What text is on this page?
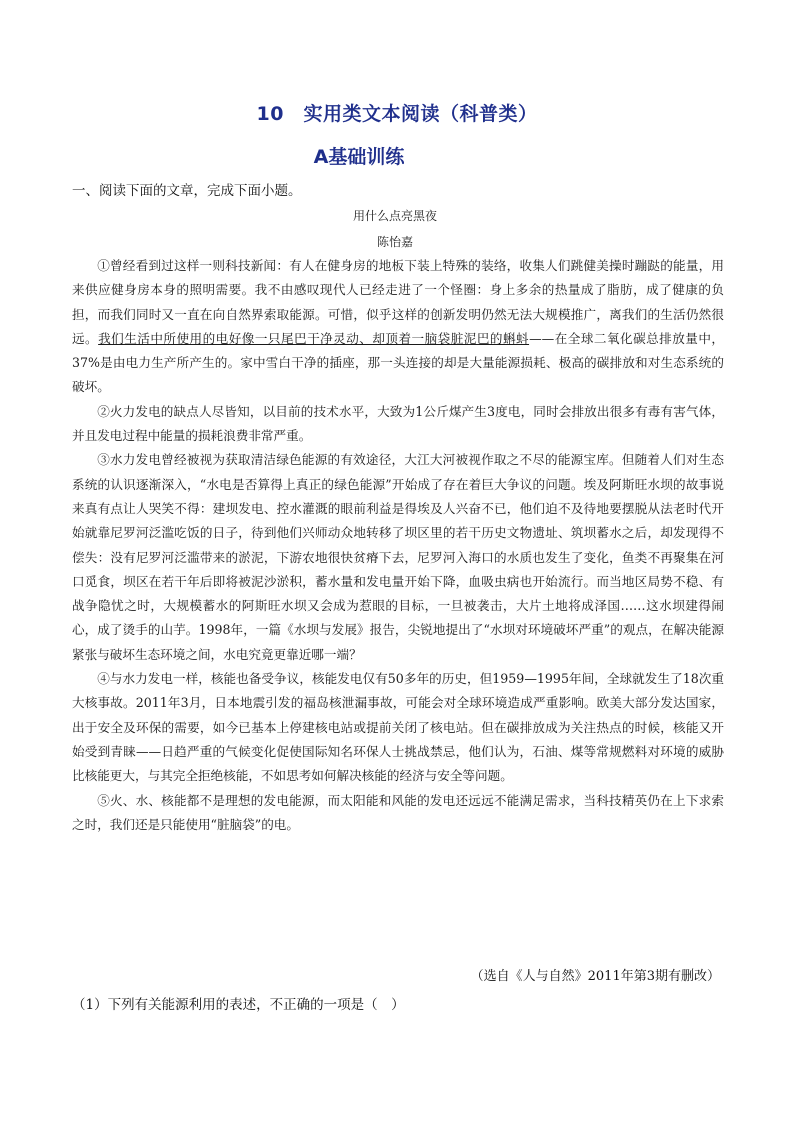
10　实用类文本阅读（科普类）
A基础训练
一、阅读下面的文章，完成下面小题。
用什么点亮黑夜
陈怡嘉

①曾经看到过这样一则科技新闻：有人在健身房的地板下装上特殊的装络，收集人们跳健美操时蹦跶的能量，用来供应健身房本身的照明需要。我不由感叹现代人已经走进了一个怪圈：身上多余的热量成了脂肪，成了健康的负担，而我们同时又一直在向自然界索取能源。可惜，似乎这样的创新发明仍然无法大规模推广，离我们的生活仍然很远。我们生活中所使用的电好像一只尾巴干净灵动、却顶着一脑袋脏泥巴的蝌蚪——在全球二氧化碳总排放量中，37%是由电力生产所产生的。家中雪白干净的插座，那一头连接的却是大量能源损耗、极高的碳排放和对生态系统的破坏。

②火力发电的缺点人尽皆知，以目前的技术水平，大致为1公斤煤产生3度电，同时会排放出很多有毒有害气体，并且发电过程中能量的损耗浪费非常严重。

③水力发电曾经被视为获取清洁绿色能源的有效途径，大江大河被视作取之不尽的能源宝库。但随着人们对生态系统的认识逐渐深入，“水电是否算得上真正的绿色能源”开始成了存在着巨大争议的问题。埃及阿斯旺水坝的故事说来真有点让人哭笑不得：建坝发电、控水灌溉的眼前利益是得埃及人兴奋不已，他们迫不及待地要摆脱从法老时代开始就靠尼罗河泛滥吃饭的日子，待到他们兴师动众地转移了坝区里的若干历史文物遗址、筑坝蓄水之后，却发现得不偿失：没有尼罗河泛滥带来的淤泥，下游农地很快贫瘠下去，尼罗河入海口的水质也发生了变化，鱼类不再聚集在河口觅食，坝区在若干年后即将被泥沙淤积，蓄水量和发电量开始下降，血吸虫病也开始流行。而当地区局势不稳、有战争隐忧之时，大规模蓄水的阿斯旺水坝又会成为惹眼的目标，一旦被袭击，大片土地将成泽国……这水坝建得闹心，成了烫手的山芋。1998年，一篇《水坝与发展》报告，尖锐地提出了“水坝对环境破坏严重”的观点，在解决能源紧张与破坏生态环境之间，水电究竟更靠近哪一端？

④与水力发电一样，核能也备受争议，核能发电仅有50多年的历史，但1959—1995年间，全球就发生了18次重大核事故。2011年3月，日本地震引发的福岛核泄漏事故，可能会对全球环境造成严重影响。欧美大部分发达国家，出于安全及环保的需要，如今已基本上停建核电站或提前关闭了核电站。但在碳排放成为关注热点的时候，核能又开始受到青睐——日趋严重的气候变化促使国际知名环保人士挑战禁忌，他们认为，石油、煤等常规燃料对环境的威胁比核能更大，与其完全拒绝核能，不如思考如何解决核能的经济与安全等问题。

⑤火、水、核能都不是理想的发电能源，而太阳能和风能的发电还远远不能满足需求，当科技精英仍在上下求索之时，我们还是只能使用“脏脑袋”的电。

（选自《人与自然》2011年第3期有删改）
（1）下列有关能源利用的表述，不正确的一项是（　）
